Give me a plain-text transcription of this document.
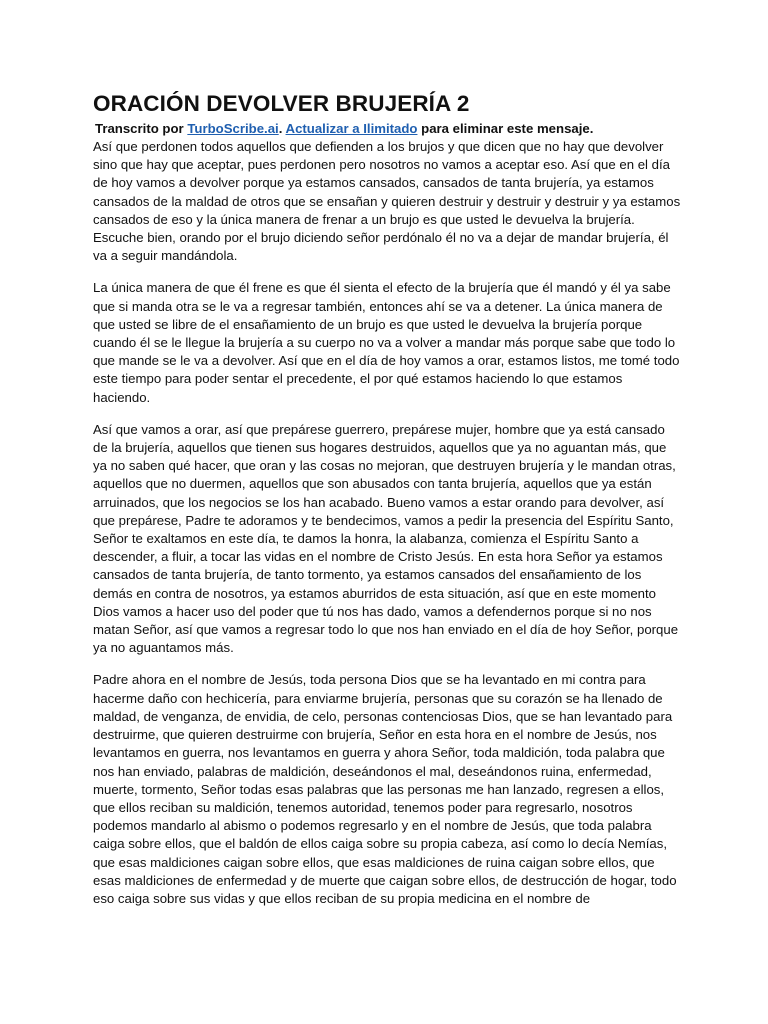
ORACIÓN DEVOLVER BRUJERÍA 2
Transcrito por TurboScribe.ai. Actualizar a Ilimitado para eliminar este mensaje.

Así que perdonen todos aquellos que defienden a los brujos y que dicen que no hay que devolver sino que hay que aceptar, pues perdonen pero nosotros no vamos a aceptar eso. Así que en el día de hoy vamos a devolver porque ya estamos cansados, cansados de tanta brujería, ya estamos cansados de la maldad de otros que se ensañan y quieren destruir y destruir y destruir y ya estamos cansados de eso y la única manera de frenar a un brujo es que usted le devuelva la brujería. Escuche bien, orando por el brujo diciendo señor perdónalo él no va a dejar de mandar brujería, él va a seguir mandándola.

La única manera de que él frene es que él sienta el efecto de la brujería que él mandó y él ya sabe que si manda otra se le va a regresar también, entonces ahí se va a detener. La única manera de que usted se libre de el ensañamiento de un brujo es que usted le devuelva la brujería porque cuando él se le llegue la brujería a su cuerpo no va a volver a mandar más porque sabe que todo lo que mande se le va a devolver. Así que en el día de hoy vamos a orar, estamos listos, me tomé todo este tiempo para poder sentar el precedente, el por qué estamos haciendo lo que estamos haciendo.

Así que vamos a orar, así que prepárese guerrero, prepárese mujer, hombre que ya está cansado de la brujería, aquellos que tienen sus hogares destruidos, aquellos que ya no aguantan más, que ya no saben qué hacer, que oran y las cosas no mejoran, que destruyen brujería y le mandan otras, aquellos que no duermen, aquellos que son abusados con tanta brujería, aquellos que ya están arruinados, que los negocios se los han acabado. Bueno vamos a estar orando para devolver, así que prepárese, Padre te adoramos y te bendecimos, vamos a pedir la presencia del Espíritu Santo, Señor te exaltamos en este día, te damos la honra, la alabanza, comienza el Espíritu Santo a descender, a fluir, a tocar las vidas en el nombre de Cristo Jesús. En esta hora Señor ya estamos cansados de tanta brujería, de tanto tormento, ya estamos cansados del ensañamiento de los demás en contra de nosotros, ya estamos aburridos de esta situación, así que en este momento Dios vamos a hacer uso del poder que tú nos has dado, vamos a defendernos porque si no nos matan Señor, así que vamos a regresar todo lo que nos han enviado en el día de hoy Señor, porque ya no aguantamos más.

Padre ahora en el nombre de Jesús, toda persona Dios que se ha levantado en mi contra para hacerme daño con hechicería, para enviarme brujería, personas que su corazón se ha llenado de maldad, de venganza, de envidia, de celo, personas contenciosas Dios, que se han levantado para destruirme, que quieren destruirme con brujería, Señor en esta hora en el nombre de Jesús, nos levantamos en guerra, nos levantamos en guerra y ahora Señor, toda maldición, toda palabra que nos han enviado, palabras de maldición, deseándonos el mal, deseándonos ruina, enfermedad, muerte, tormento, Señor todas esas palabras que las personas me han lanzado, regresen a ellos, que ellos reciban su maldición, tenemos autoridad, tenemos poder para regresarlo, nosotros podemos mandarlo al abismo o podemos regresarlo y en el nombre de Jesús, que toda palabra caiga sobre ellos, que el baldón de ellos caiga sobre su propia cabeza, así como lo decía Nemías, que esas maldiciones caigan sobre ellos, que esas maldiciones de ruina caigan sobre ellos, que esas maldiciones de enfermedad y de muerte que caigan sobre ellos, de destrucción de hogar, todo eso caiga sobre sus vidas y que ellos reciban de su propia medicina en el nombre de
